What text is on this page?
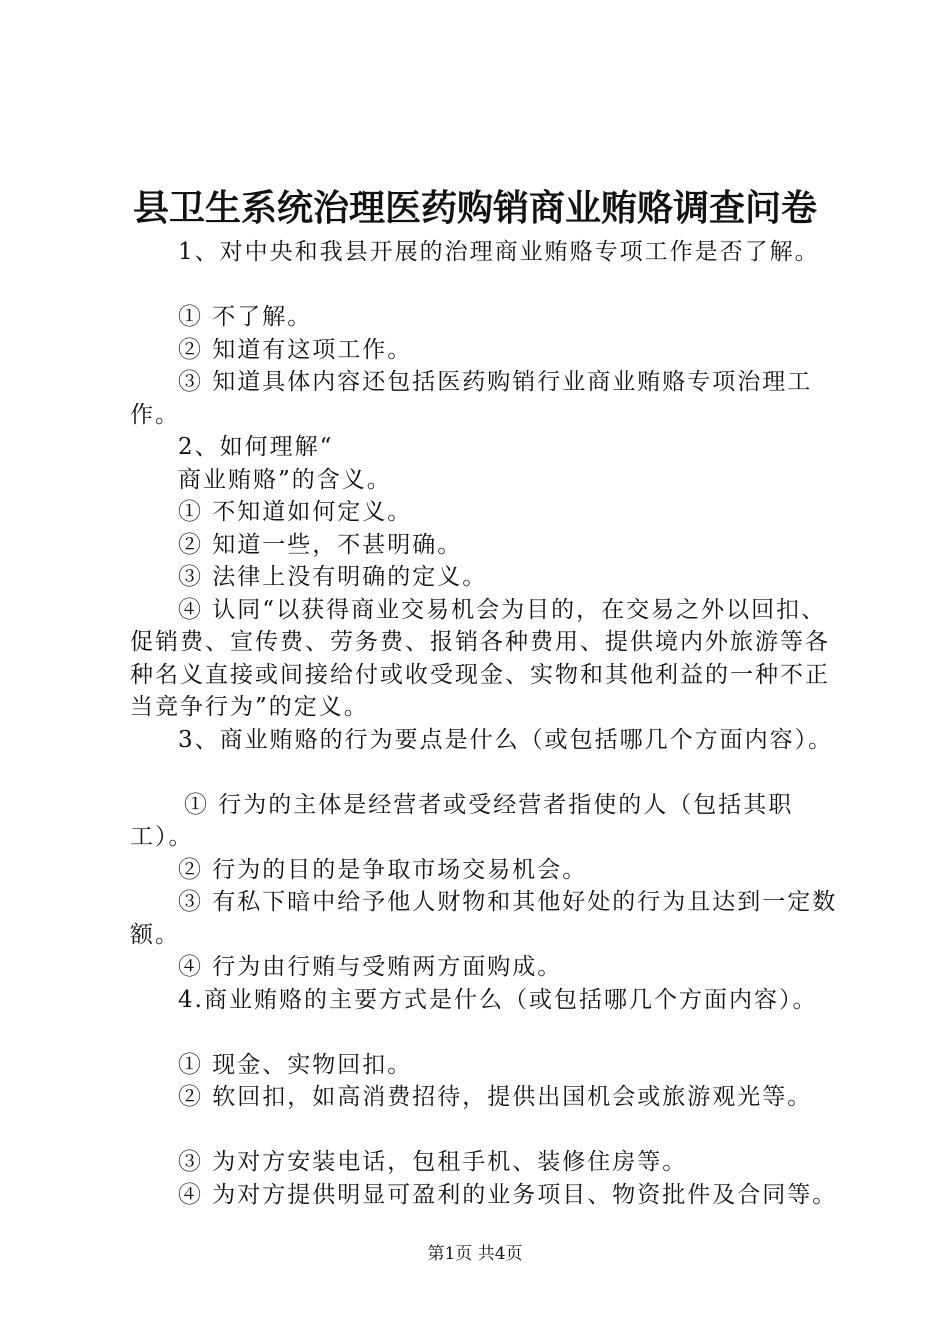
县卫生系统治理医药购销商业贿赂调查问卷

1、对中央和我县开展的治理商业贿赂专项工作是否了解。

① 不了解。

② 知道有这项工作。

③ 知道具体内容还包括医药购销行业商业贿赂专项治理工作。

2、如何理解“

商业贿赂”的含义。

① 不知道如何定义。

② 知道一些，不甚明确。

③ 法律上没有明确的定义。

④ 认同“以获得商业交易机会为目的，在交易之外以回扣、促销费、宣传费、劳务费、报销各种费用、提供境内外旅游等各种名义直接或间接给付或收受现金、实物和其他利益的一种不正当竞争行为”的定义。

3、商业贿赂的行为要点是什么（或包括哪几个方面内容）。

① 行为的主体是经营者或受经营者指使的人（包括其职工）。

② 行为的目的是争取市场交易机会。

③ 有私下暗中给予他人财物和其他好处的行为且达到一定数额。

④ 行为由行贿与受贿两方面购成。

4.商业贿赂的主要方式是什么（或包括哪几个方面内容）。

① 现金、实物回扣。

② 软回扣，如高消费招待，提供出国机会或旅游观光等。

③ 为对方安装电话，包租手机、装修住房等。

④ 为对方提供明显可盈利的业务项目、物资批件及合同等。

第1页 共4页
